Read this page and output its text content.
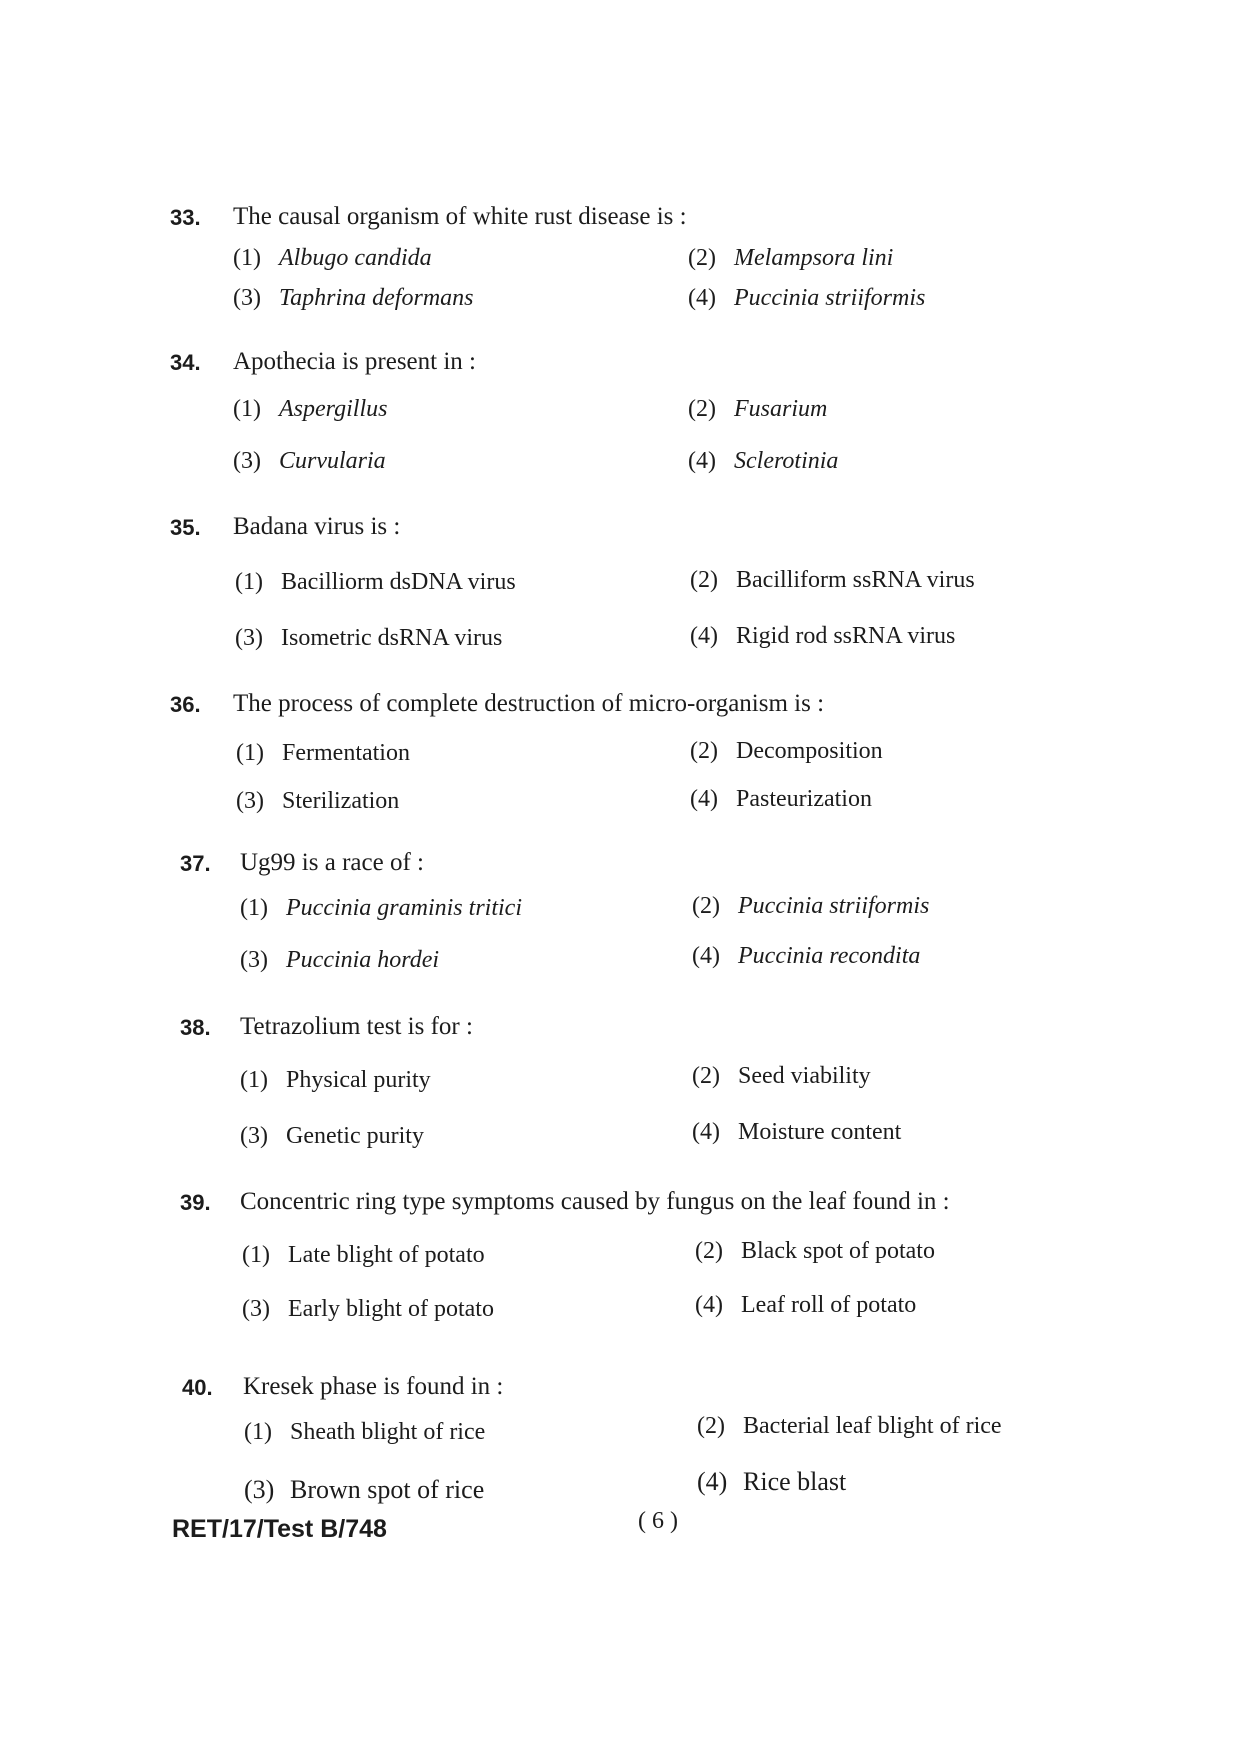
33. The causal organism of white rust disease is :
(1) Albugo candida	(2) Melampsora lini
(3) Taphrina deformans	(4) Puccinia striiformis
34. Apothecia is present in :
(1) Aspergillus	(2) Fusarium
(3) Curvularia	(4) Sclerotinia
35. Badana virus is :
(1) Bacilliorm dsDNA virus	(2) Bacilliform ssRNA virus
(3) Isometric dsRNA virus	(4) Rigid rod ssRNA virus
36. The process of complete destruction of micro-organism is :
(1) Fermentation	(2) Decomposition
(3) Sterilization	(4) Pasteurization
37. Ug99 is a race of :
(1) Puccinia graminis tritici	(2) Puccinia striiformis
(3) Puccinia hordei	(4) Puccinia recondita
38. Tetrazolium test is for :
(1) Physical purity	(2) Seed viability
(3) Genetic purity	(4) Moisture content
39. Concentric ring type symptoms caused by fungus on the leaf found in :
(1) Late blight of potato	(2) Black spot of potato
(3) Early blight of potato	(4) Leaf roll of potato
40. Kresek phase is found in :
(1) Sheath blight of rice	(2) Bacterial leaf blight of rice
(3) Brown spot of rice	(4) Rice blast
RET/17/Test B/748	( 6 )
